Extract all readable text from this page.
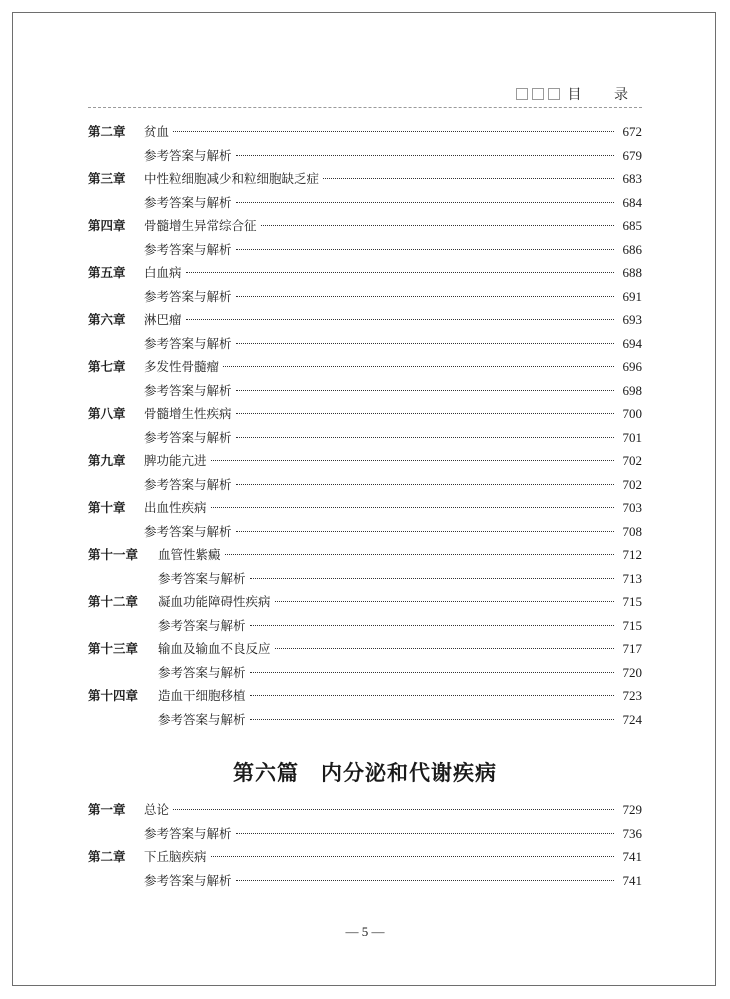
目 录
第二章 贫血	672
参考答案与解析	679
第三章 中性粒细胞减少和粒细胞缺乏症	683
参考答案与解析	684
第四章 骨髓增生异常综合征	685
参考答案与解析	686
第五章 白血病	688
参考答案与解析	691
第六章 淋巴瘤	693
参考答案与解析	694
第七章 多发性骨髓瘤	696
参考答案与解析	698
第八章 骨髓增生性疾病	700
参考答案与解析	701
第九章 脾功能亢进	702
参考答案与解析	702
第十章 出血性疾病	703
参考答案与解析	708
第十一章 血管性紫癜	712
参考答案与解析	713
第十二章 凝血功能障碍性疾病	715
参考答案与解析	715
第十三章 输血及输血不良反应	717
参考答案与解析	720
第十四章 造血干细胞移植	723
参考答案与解析	724
第一章 总论	729
参考答案与解析	736
第二章 下丘脑疾病	741
参考答案与解析	741
第六篇　内分泌和代谢疾病
— 5 —
